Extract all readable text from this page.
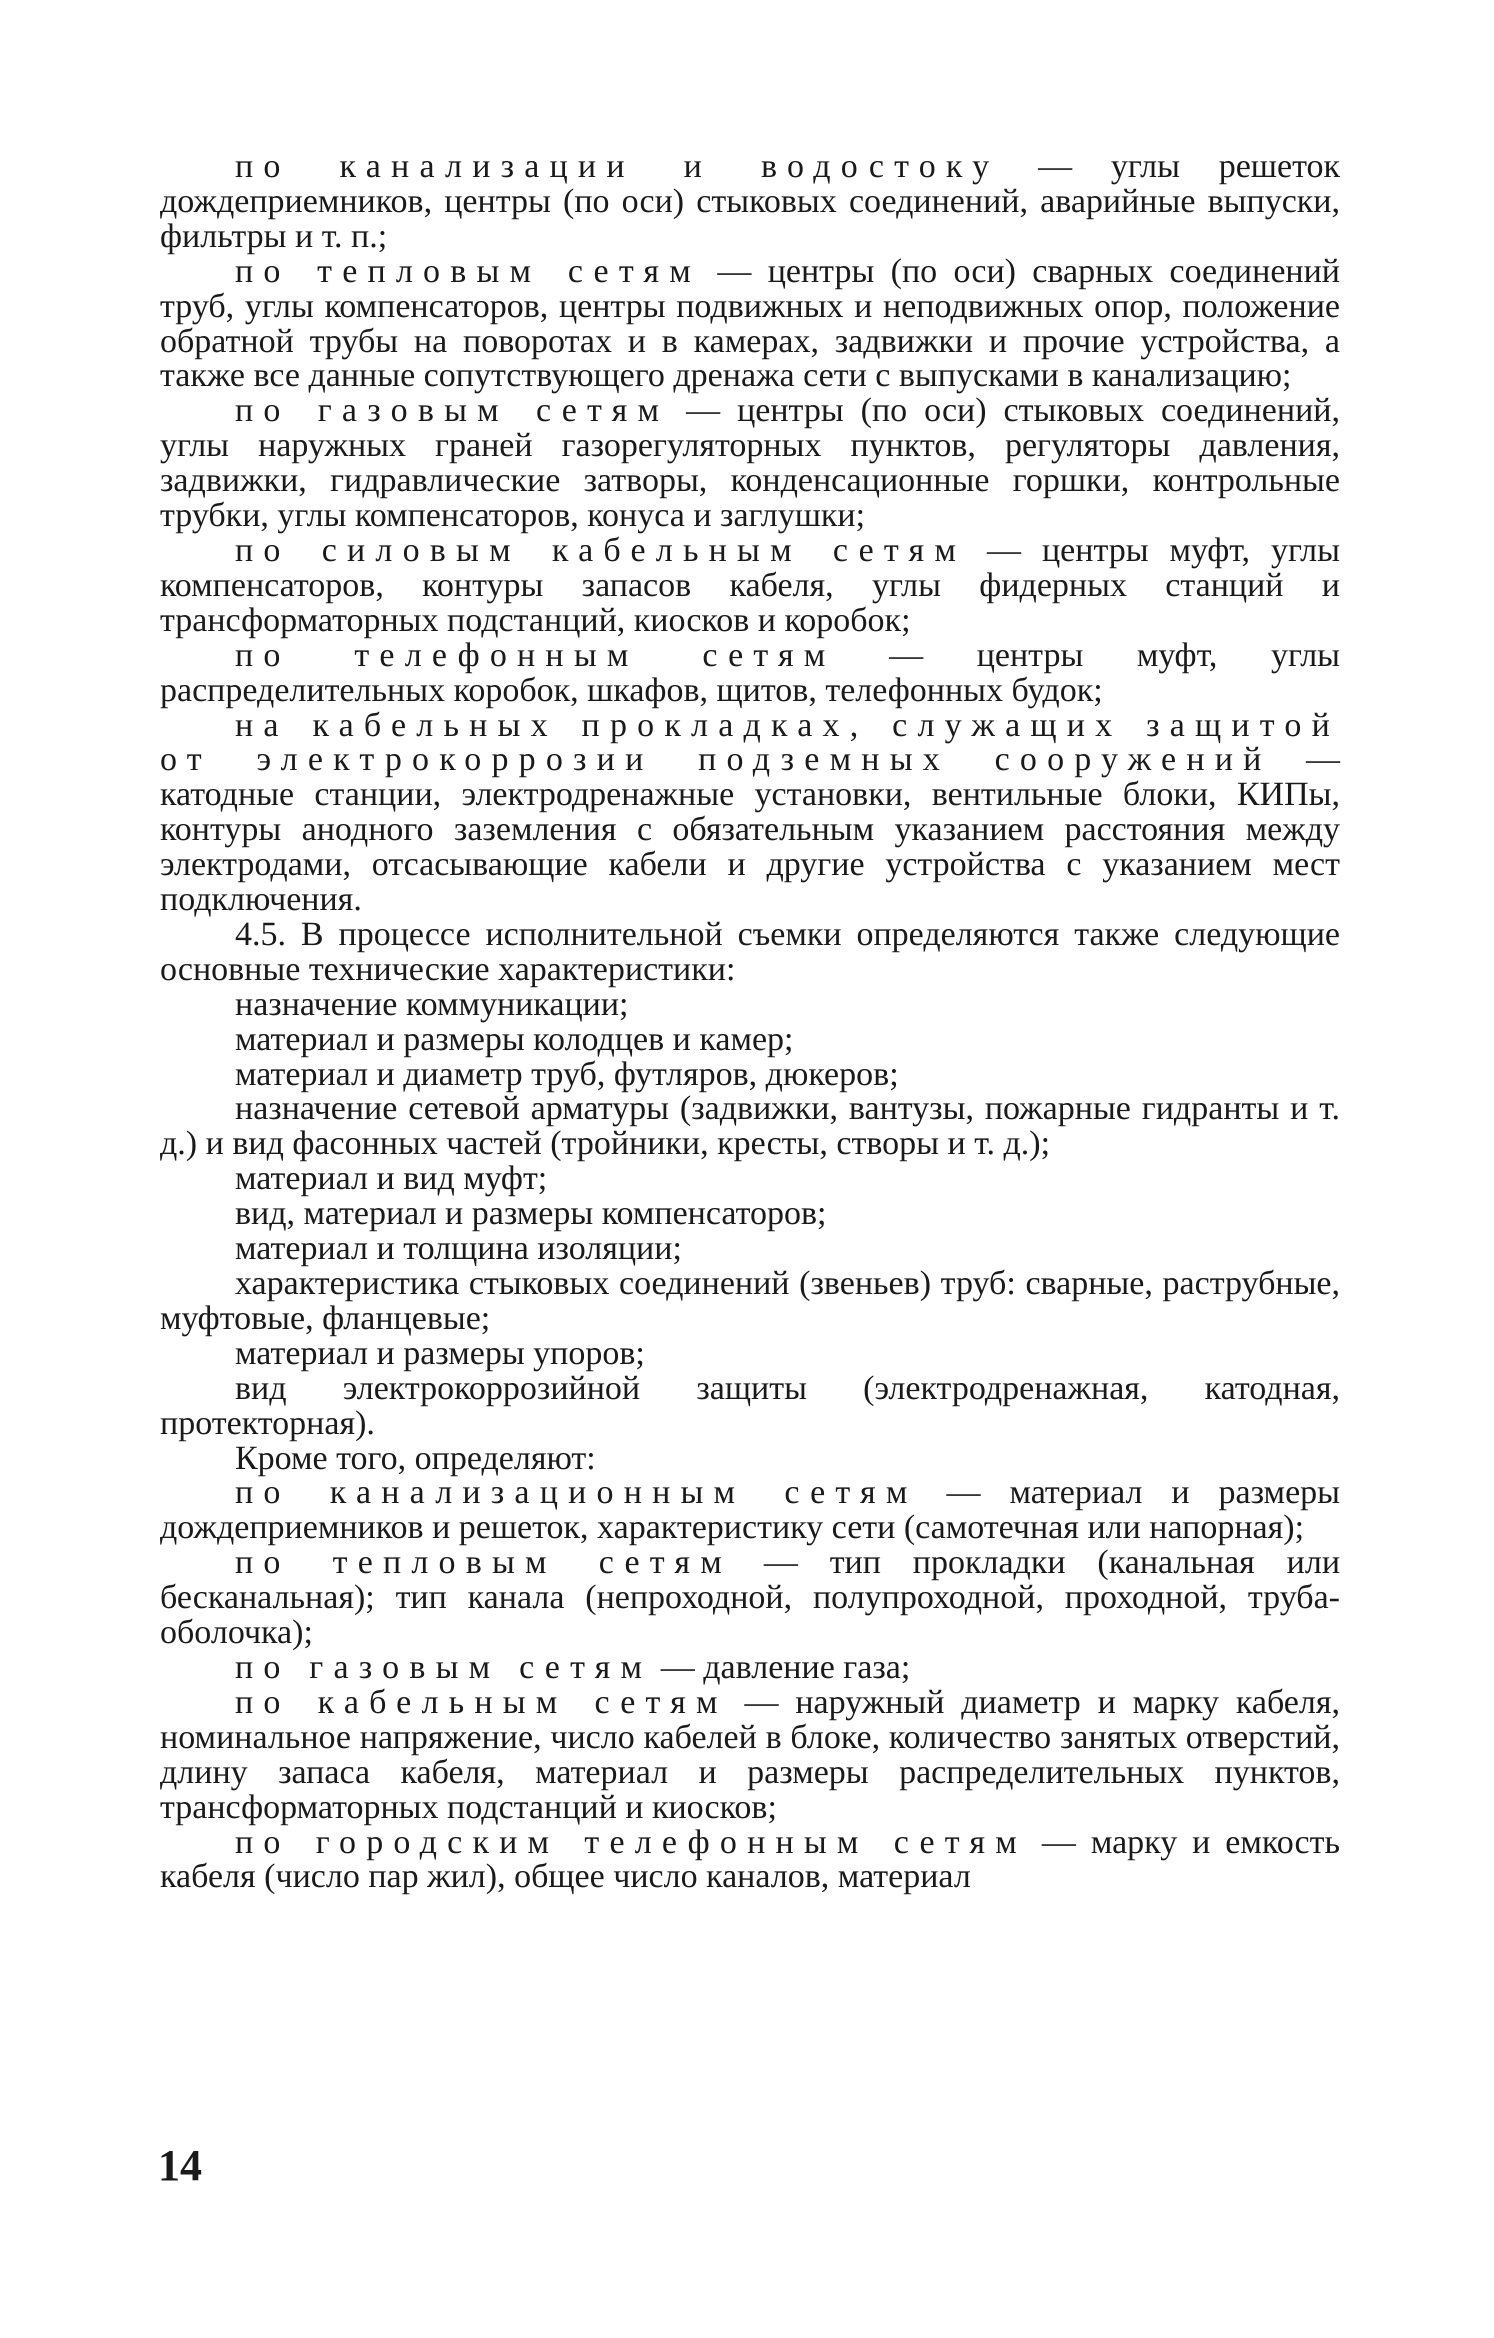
по канализации и водостоку — углы решеток дождеприемников, центры (по оси) стыковых соединений, аварийные выпуски, фильтры и т. п.;

по тепловым сетям — центры (по оси) сварных соединений труб, углы компенсаторов, центры подвижных и неподвижных опор, положение обратной трубы на поворотах и в камерах, задвижки и прочие устройства, а также все данные сопутствующего дренажа сети с выпусками в канализацию;

по газовым сетям — центры (по оси) стыковых соединений, углы наружных граней газорегуляторных пунктов, регуляторы давления, задвижки, гидравлические затворы, конденсационные горшки, контрольные трубки, углы компенсаторов, конуса и заглушки;

по силовым кабельным сетям — центры муфт, углы компенсаторов, контуры запасов кабеля, углы фидерных станций и трансформаторных подстанций, киосков и коробок;

по телефонным сетям — центры муфт, углы распределительных коробок, шкафов, щитов, телефонных будок;

на кабельных прокладках, служащих защитой от электрокоррозии подземных сооружений — катодные станции, электродренажные установки, вентильные блоки, КИПы, контуры анодного заземления с обязательным указанием расстояния между электродами, отсасывающие кабели и другие устройства с указанием мест подключения.

4.5. В процессе исполнительной съемки определяются также следующие основные технические характеристики:

назначение коммуникации;

материал и размеры колодцев и камер;

материал и диаметр труб, футляров, дюкеров;

назначение сетевой арматуры (задвижки, вантузы, пожарные гидранты и т. д.) и вид фасонных частей (тройники, кресты, створы и т. д.);

материал и вид муфт;

вид, материал и размеры компенсаторов;

материал и толщина изоляции;

характеристика стыковых соединений (звеньев) труб: сварные, раструбные, муфтовые, фланцевые;

материал и размеры упоров;

вид электрокоррозийной защиты (электродренажная, катодная, протекторная).

Кроме того, определяют:

по канализационным сетям — материал и размеры дождеприемников и решеток, характеристику сети (самотечная или напорная);

по тепловым сетям — тип прокладки (канальная или бесканальная); тип канала (непроходной, полупроходной, проходной, труба-оболочка);

по газовым сетям — давление газа;

по кабельным сетям — наружный диаметр и марку кабеля, номинальное напряжение, число кабелей в блоке, количество занятых отверстий, длину запаса кабеля, материал и размеры распределительных пунктов, трансформаторных подстанций и киосков;

по городским телефонным сетям — марку и емкость кабеля (число пар жил), общее число каналов, материал

14
